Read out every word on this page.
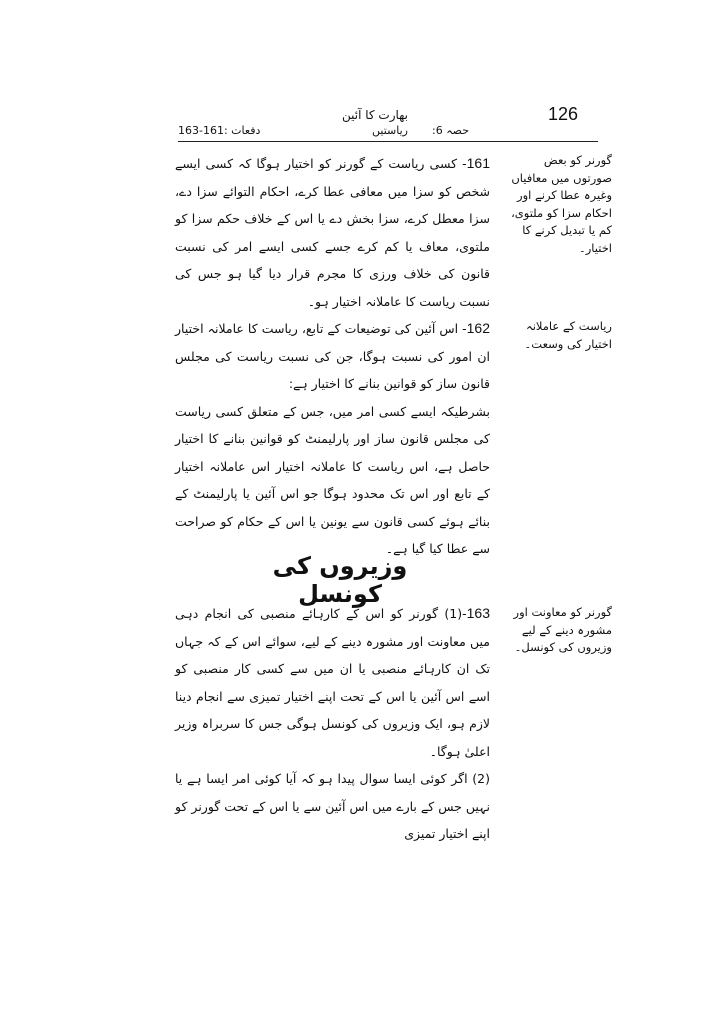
126
بھارت کا آئین
حصہ 6:
ریاستیں
دفعات :161-163

161- کسی ریاست کے گورنر کو اختیار ہوگا کہ کسی ایسے شخص کو سزا میں معافی عطا کرے، احکام التوائے سزا دے، سزا معطل کرے، سزا بخش دے یا اس کے خلاف حکم سزا کو ملتوی، معاف یا کم کرے جسے کسی ایسے امر کی نسبت قانون کی خلاف ورزی کا مجرم قرار دیا گیا ہو جس کی نسبت ریاست کا عاملانہ اختیار ہو۔

گورنر کو بعض صورتوں میں معافیاں وغیرہ عطا کرنے اور احکام سزا کو ملتوی، کم یا تبدیل کرنے کا اختیار۔

162- اس آئین کی توضیعات کے تابع، ریاست کا عاملانہ اختیار ان امور کی نسبت ہوگا، جن کی نسبت ریاست کی مجلس قانون ساز کو قوانین بنانے کا اختیار ہے:

بشرطیکہ ایسے کسی امر میں، جس کے متعلق کسی ریاست کی مجلس قانون ساز اور پارلیمنٹ کو قوانین بنانے کا اختیار حاصل ہے، اس ریاست کا عاملانہ اختیار اس عاملانہ اختیار کے تابع اور اس تک محدود ہوگا جو اس آئین یا پارلیمنٹ کے بنائے ہوئے کسی قانون سے یونین یا اس کے حکام کو صراحت سے عطا کیا گیا ہے۔

ریاست کے عاملانہ اختیار کی وسعت۔
وزیروں کی کونسل

163-(1) گورنر کو اس کے کارہائے منصبی کی انجام دہی میں معاونت اور مشورہ دینے کے لیے، سوائے اس کے کہ جہاں تک ان کارہائے منصبی یا ان میں سے کسی کار منصبی کو اسے اس آئین یا اس کے تحت اپنے اختیار تمیزی سے انجام دینا لازم ہو، ایک وزیروں کی کونسل ہوگی جس کا سربراہ وزیر اعلیٰ ہوگا۔

(2) اگر کوئی ایسا سوال پیدا ہو کہ آیا کوئی امر ایسا ہے یا نہیں جس کے بارے میں اس آئین سے یا اس کے تحت گورنر کو اپنے اختیار تمیزی

گورنر کو معاونت اور مشورہ دینے کے لیے وزیروں کی کونسل۔
